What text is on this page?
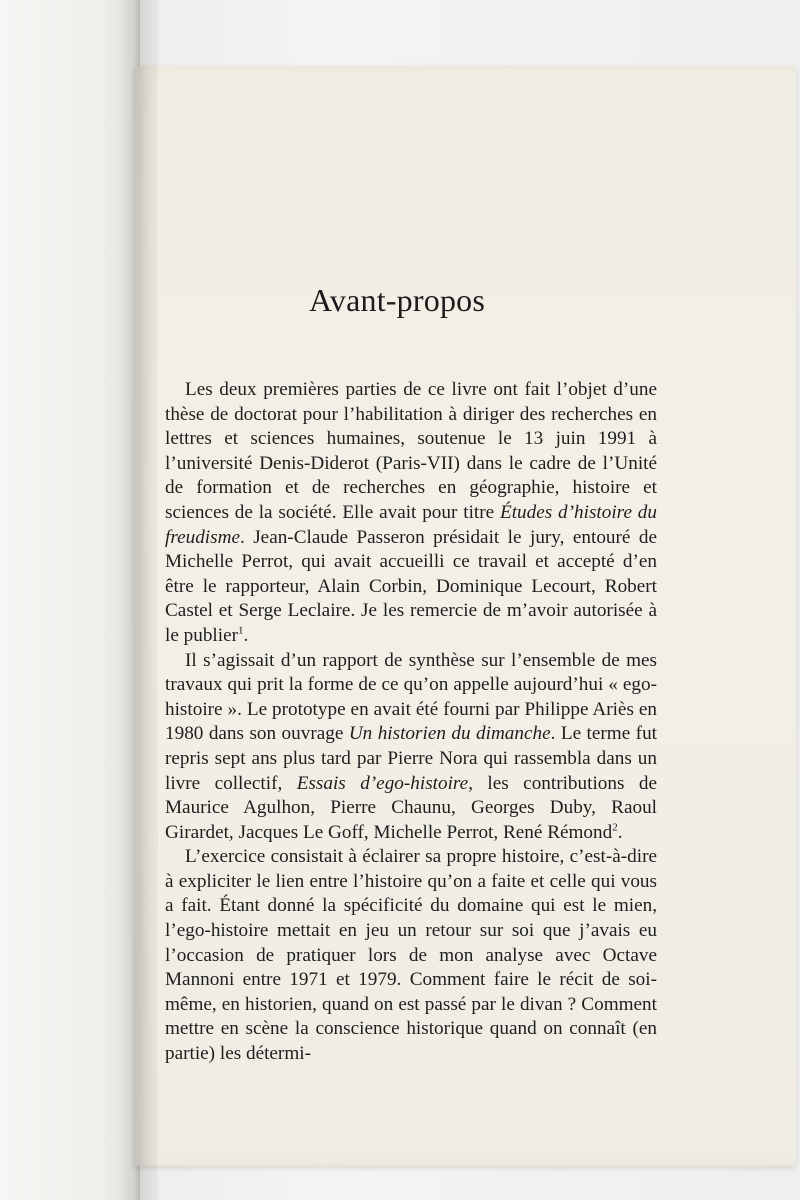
Avant-propos

Les deux premières parties de ce livre ont fait l’objet d’une thèse de doctorat pour l’habilitation à diriger des recherches en lettres et sciences humaines, soutenue le 13 juin 1991 à l’université Denis-Diderot (Paris-VII) dans le cadre de l’Unité de formation et de recherches en géographie, histoire et sciences de la société. Elle avait pour titre Études d’histoire du freudisme. Jean-Claude Passeron présidait le jury, entouré de Michelle Perrot, qui avait accueilli ce travail et accepté d’en être le rapporteur, Alain Corbin, Dominique Lecourt, Robert Castel et Serge Leclaire. Je les remercie de m’avoir autorisée à le publier$^1$.

Il s’agissait d’un rapport de synthèse sur l’ensemble de mes travaux qui prit la forme de ce qu’on appelle aujourd’hui « ego-histoire ». Le prototype en avait été fourni par Philippe Ariès en 1980 dans son ouvrage Un historien du dimanche. Le terme fut repris sept ans plus tard par Pierre Nora qui rassembla dans un livre collectif, Essais d’ego-histoire, les contributions de Maurice Agulhon, Pierre Chaunu, Georges Duby, Raoul Girardet, Jacques Le Goff, Michelle Perrot, René Rémond$^2$.

L’exercice consistait à éclairer sa propre histoire, c’est-à-dire à expliciter le lien entre l’histoire qu’on a faite et celle qui vous a fait. Étant donné la spécificité du domaine qui est le mien, l’ego-histoire mettait en jeu un retour sur soi que j’avais eu l’occasion de pratiquer lors de mon analyse avec Octave Mannoni entre 1971 et 1979. Comment faire le récit de soi-même, en historien, quand on est passé par le divan ? Comment mettre en scène la conscience historique quand on connaît (en partie) les détermi-
